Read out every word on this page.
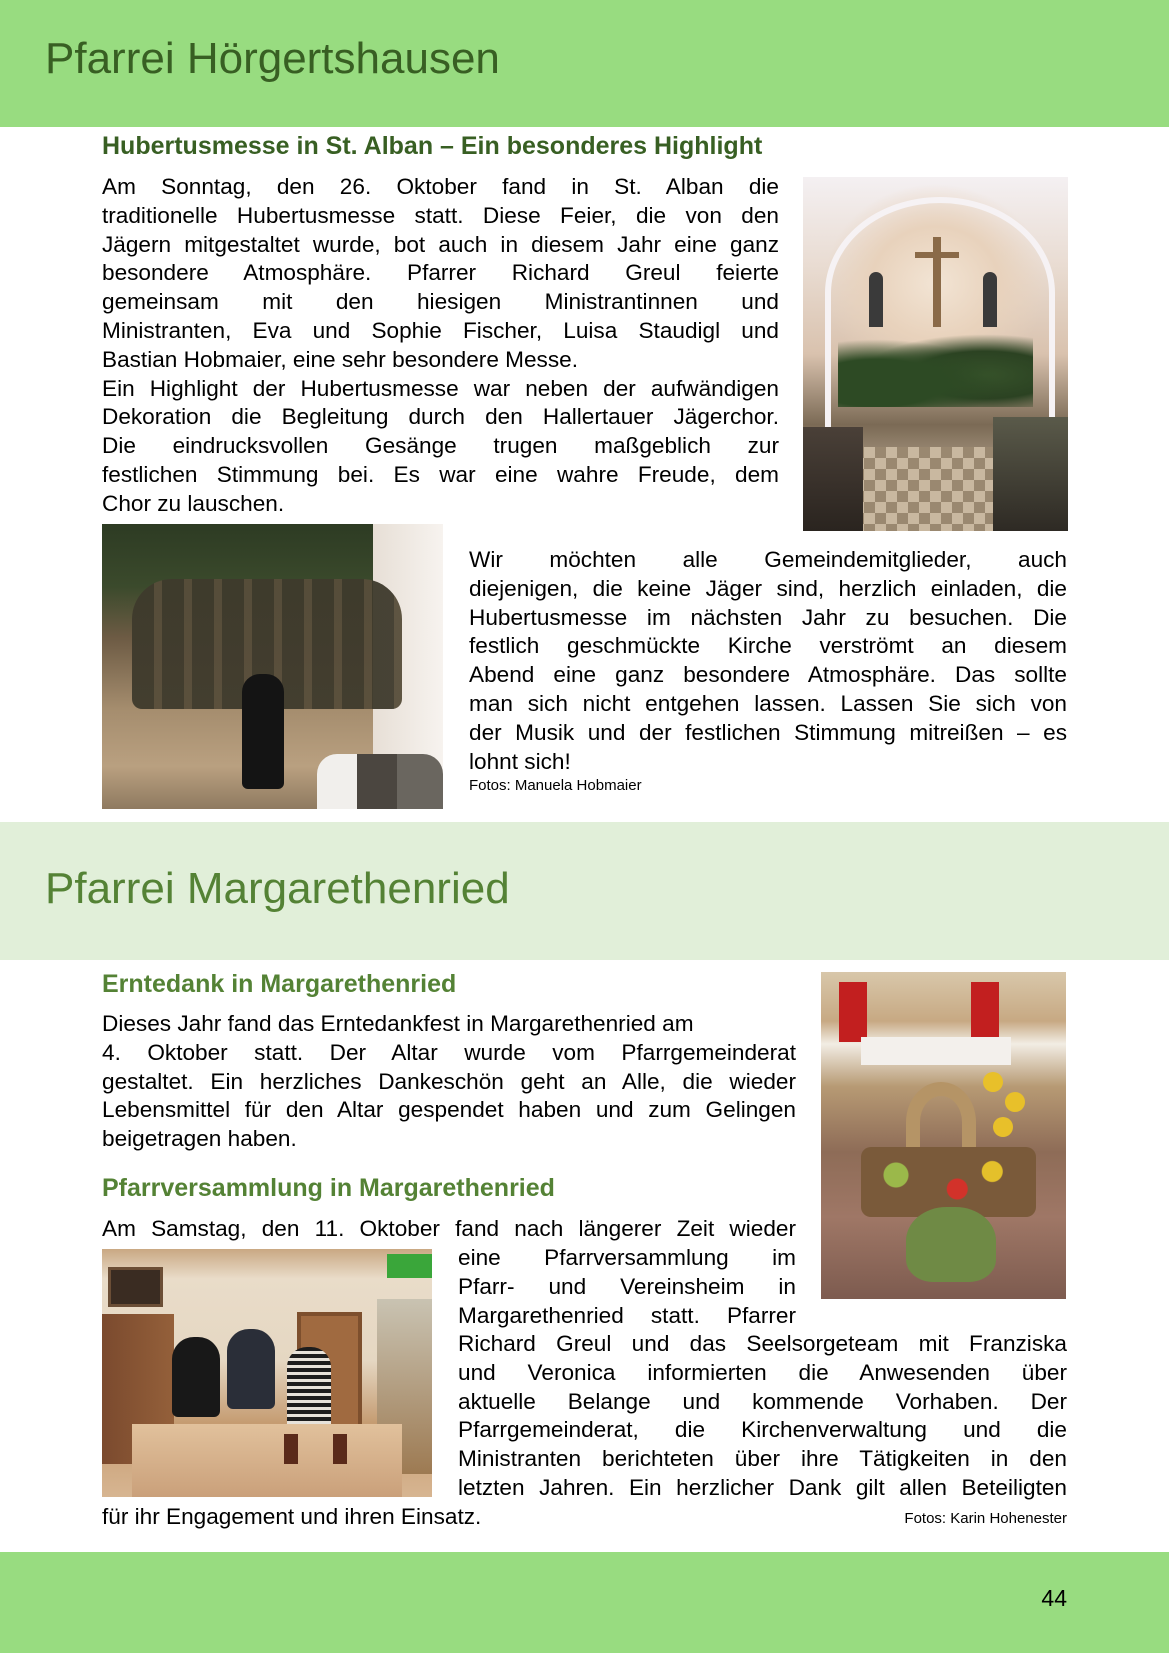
Pfarrei Hörgertshausen
Hubertusmesse in St. Alban – Ein besonderes Highlight
Am Sonntag, den 26. Oktober fand in St. Alban die
traditionelle Hubertusmesse statt. Diese Feier, die von den
Jägern mitgestaltet wurde, bot auch in diesem Jahr eine ganz
besondere Atmosphäre. Pfarrer Richard Greul feierte
gemeinsam mit den hiesigen Ministrantinnen und
Ministranten, Eva und Sophie Fischer, Luisa Staudigl und
Bastian Hobmaier, eine sehr besondere Messe.
Ein Highlight der Hubertusmesse war neben der aufwändigen
Dekoration die Begleitung durch den Hallertauer Jägerchor.
Die eindrucksvollen Gesänge trugen maßgeblich zur
festlichen Stimmung bei. Es war eine wahre Freude, dem
Chor zu lauschen.
Wir möchten alle Gemeindemitglieder, auch
diejenigen, die keine Jäger sind, herzlich einladen, die
Hubertusmesse im nächsten Jahr zu besuchen. Die
festlich geschmückte Kirche verströmt an diesem
Abend eine ganz besondere Atmosphäre. Das sollte
man sich nicht entgehen lassen. Lassen Sie sich von
der Musik und der festlichen Stimmung mitreißen – es
lohnt sich!
Fotos: Manuela Hobmaier
Pfarrei Margarethenried
Erntedank in Margarethenried
Dieses Jahr fand das Erntedankfest in Margarethenried am
4. Oktober statt. Der Altar wurde vom Pfarrgemeinderat
gestaltet. Ein herzliches Dankeschön geht an Alle, die wieder
Lebensmittel für den Altar gespendet haben und zum Gelingen
beigetragen haben.
Pfarrversammlung in Margarethenried
Am Samstag, den 11. Oktober fand nach längerer Zeit wieder
eine Pfarrversammlung im
Pfarr- und Vereinsheim in
Margarethenried statt. Pfarrer
Richard Greul und das Seelsorgeteam mit Franziska
und Veronica informierten die Anwesenden über
aktuelle Belange und kommende Vorhaben. Der
Pfarrgemeinderat, die Kirchenverwaltung und die
Ministranten berichteten über ihre Tätigkeiten in den
letzten Jahren. Ein herzlicher Dank gilt allen Beteiligten
für ihr Engagement und ihren Einsatz.	Fotos: Karin Hohenester
44
